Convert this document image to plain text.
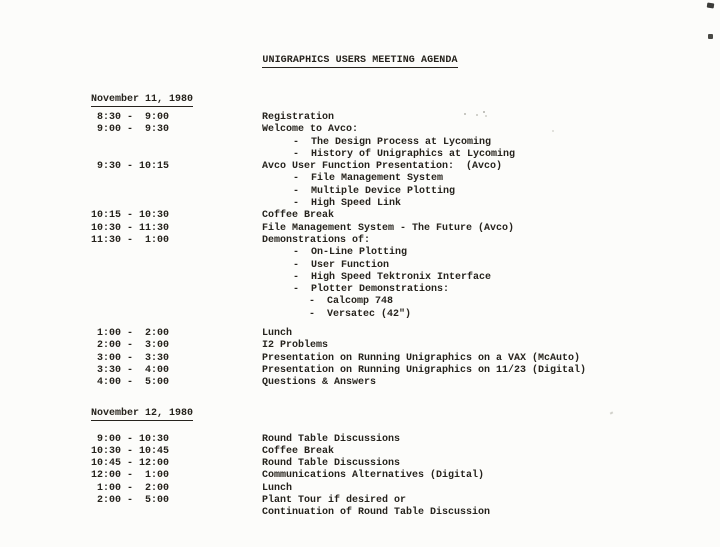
UNIGRAPHICS USERS MEETING AGENDA
November 11, 1980
8:30 -  9:00	Registration
9:00 -  9:30	Welcome to Avco:
-  The Design Process at Lycoming
-  History of Unigraphics at Lycoming
9:30 - 10:15	Avco User Function Presentation:  (Avco)
-  File Management System
-  Multiple Device Plotting
-  High Speed Link
10:15 - 10:30	Coffee Break
10:30 - 11:30	File Management System - The Future (Avco)
11:30 -  1:00	Demonstrations of:
-  On-Line Plotting
-  User Function
-  High Speed Tektronix Interface
-  Plotter Demonstrations:
-  Calcomp 748
-  Versatec (42")
1:00 -  2:00	Lunch
2:00 -  3:00	I2 Problems
3:00 -  3:30	Presentation on Running Unigraphics on a VAX (McAuto)
3:30 -  4:00	Presentation on Running Unigraphics on 11/23 (Digital)
4:00 -  5:00	Questions & Answers
November 12, 1980
9:00 - 10:30	Round Table Discussions
10:30 - 10:45	Coffee Break
10:45 - 12:00	Round Table Discussions
12:00 -  1:00	Communications Alternatives (Digital)
1:00 -  2:00	Lunch
2:00 -  5:00	Plant Tour if desired or
Continuation of Round Table Discussion
